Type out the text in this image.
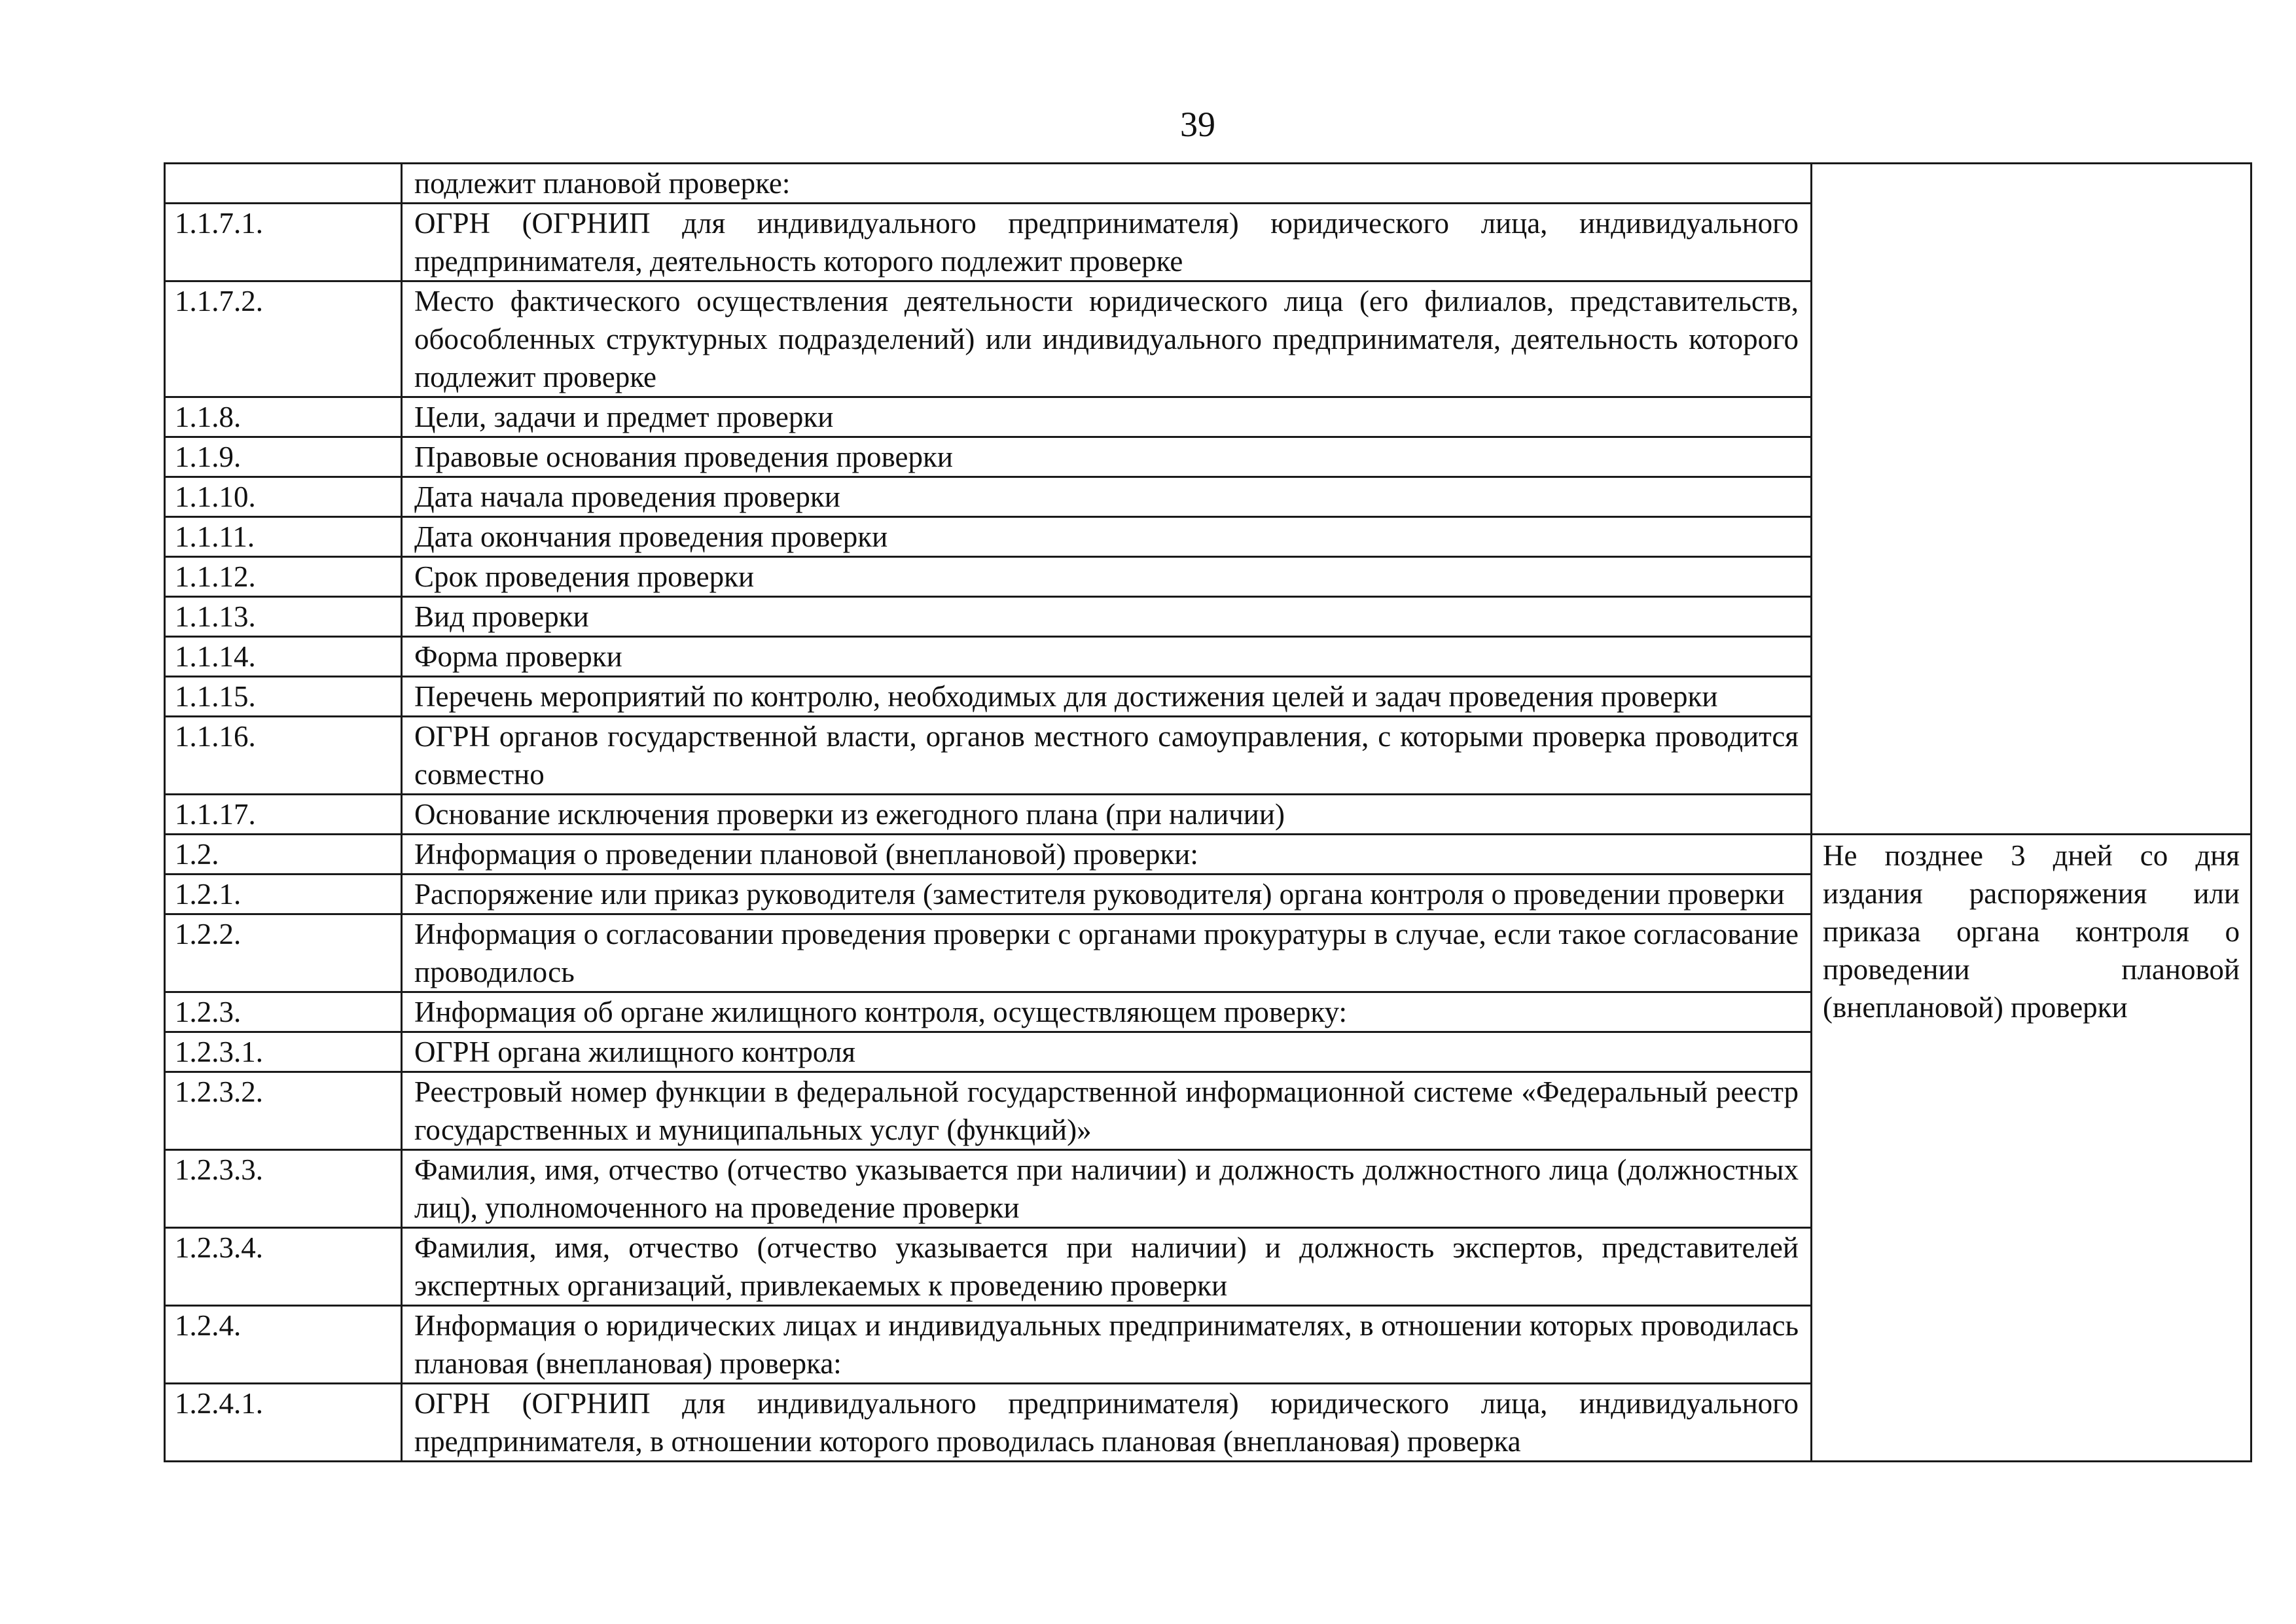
39
	подлежит плановой проверке:	
1.1.7.1.	ОГРН (ОГРНИП для индивидуального предпринимателя) юридического лица, индивидуального предпринимателя, деятельность которого подлежит проверке	
1.1.7.2.	Место фактического осуществления деятельности юридического лица (его филиалов, представительств, обособленных структурных подразделений) или индивидуального предпринимателя, деятельность которого подлежит проверке	
1.1.8.	Цели, задачи и предмет проверки	
1.1.9.	Правовые основания проведения проверки	
1.1.10.	Дата начала проведения проверки	
1.1.11.	Дата окончания проведения проверки	
1.1.12.	Срок проведения проверки	
1.1.13.	Вид проверки	
1.1.14.	Форма проверки	
1.1.15.	Перечень мероприятий по контролю, необходимых для достижения целей и задач проведения проверки	
1.1.16.	ОГРН органов государственной власти, органов местного самоуправления, с которыми проверка проводится совместно	
1.1.17.	Основание исключения проверки из ежегодного плана (при наличии)	
1.2.	Информация о проведении плановой (внеплановой) проверки:	Не позднее 3 дней со дня издания распоряжения или приказа органа контроля о проведении плановой (внеплановой) проверки
1.2.1.	Распоряжение или приказ руководителя (заместителя руководителя) органа контроля о проведении проверки	
1.2.2.	Информация о согласовании проведения проверки с органами прокуратуры в случае, если такое согласование проводилось	
1.2.3.	Информация об органе жилищного контроля, осуществляющем проверку:	
1.2.3.1.	ОГРН органа жилищного контроля	
1.2.3.2.	Реестровый номер функции в федеральной государственной информационной системе «Федеральный реестр государственных и муниципальных услуг (функций)»	
1.2.3.3.	Фамилия, имя, отчество (отчество указывается при наличии) и должность должностного лица (должностных лиц), уполномоченного на проведение проверки	
1.2.3.4.	Фамилия, имя, отчество (отчество указывается при наличии) и должность экспертов, представителей экспертных организаций, привлекаемых к проведению проверки	
1.2.4.	Информация о юридических лицах и индивидуальных предпринимателях, в отношении которых проводилась плановая (внеплановая) проверка:	
1.2.4.1.	ОГРН (ОГРНИП для индивидуального предпринимателя) юридического лица, индивидуального предпринимателя, в отношении которого проводилась плановая (внеплановая) проверка	
